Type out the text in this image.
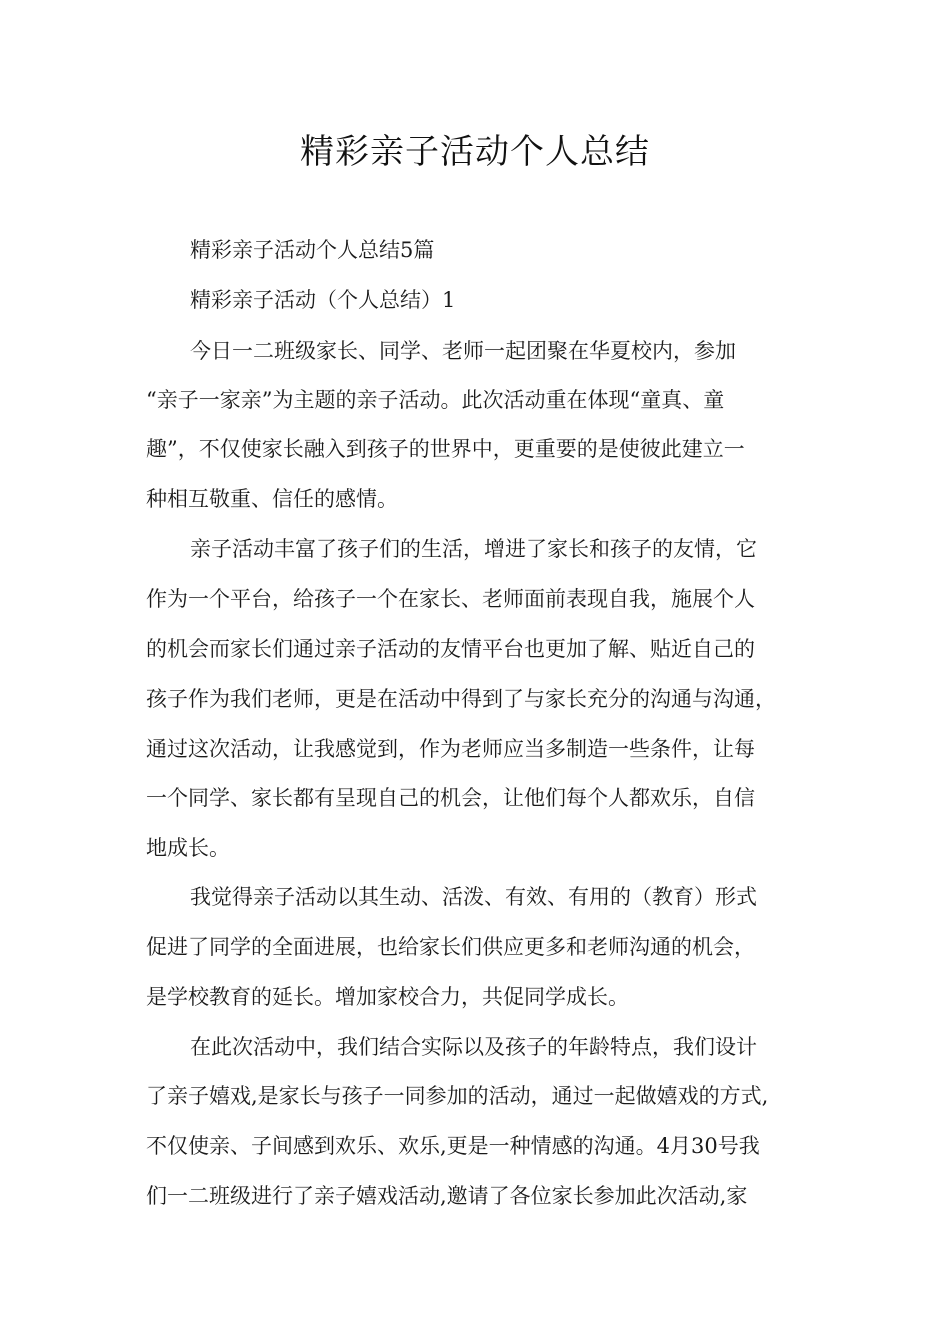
精彩亲子活动个人总结
精彩亲子活动个人总结5篇
精彩亲子活动（个人总结）1
今日一二班级家长、同学、老师一起团聚在华夏校内，参加
“亲子一家亲”为主题的亲子活动。此次活动重在体现“童真、童
趣”，不仅使家长融入到孩子的世界中，更重要的是使彼此建立一
种相互敬重、信任的感情。
亲子活动丰富了孩子们的生活，增进了家长和孩子的友情，它
作为一个平台，给孩子一个在家长、老师面前表现自我，施展个人
的机会而家长们通过亲子活动的友情平台也更加了解、贴近自己的
孩子作为我们老师，更是在活动中得到了与家长充分的沟通与沟通，
通过这次活动，让我感觉到，作为老师应当多制造一些条件，让每
一个同学、家长都有呈现自己的机会，让他们每个人都欢乐，自信
地成长。
我觉得亲子活动以其生动、活泼、有效、有用的（教育）形式
促进了同学的全面进展，也给家长们供应更多和老师沟通的机会，
是学校教育的延长。增加家校合力，共促同学成长。
在此次活动中，我们结合实际以及孩子的年龄特点，我们设计
了亲子嬉戏,是家长与孩子一同参加的活动，通过一起做嬉戏的方式,
不仅使亲、子间感到欢乐、欢乐,更是一种情感的沟通。4月30号我
们一二班级进行了亲子嬉戏活动,邀请了各位家长参加此次活动,家
